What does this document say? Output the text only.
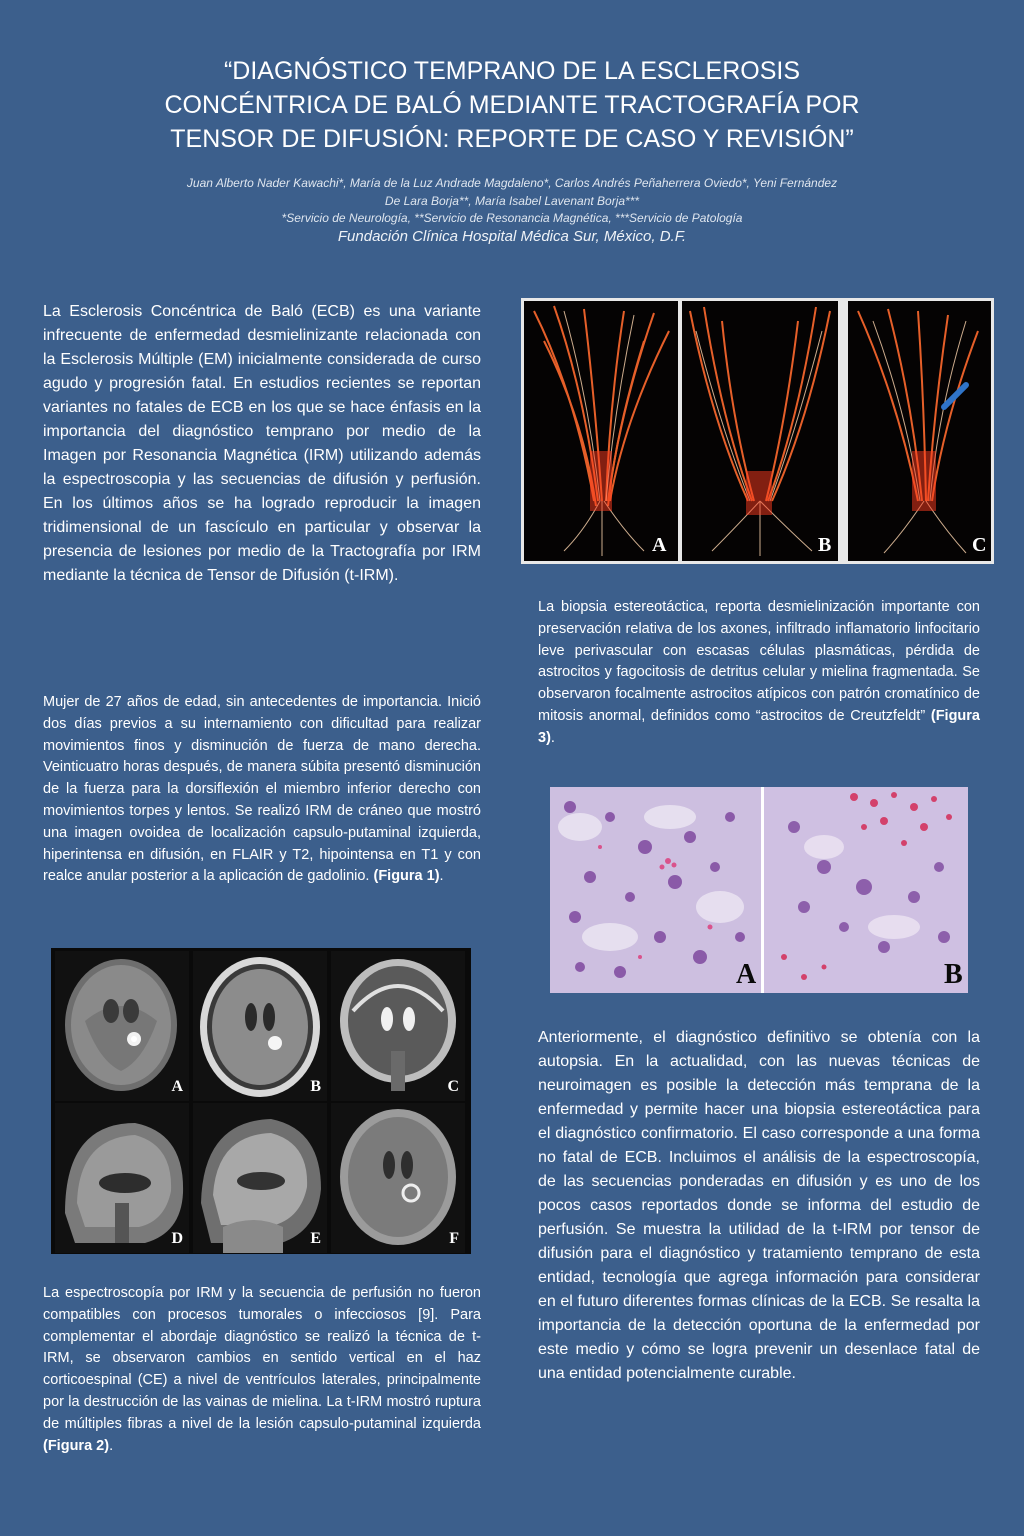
“DIAGNÓSTICO TEMPRANO DE LA ESCLEROSIS
CONCÉNTRICA DE BALÓ MEDIANTE TRACTOGRAFÍA POR
TENSOR DE DIFUSIÓN: REPORTE DE CASO Y REVISIÓN”
Juan Alberto Nader Kawachi*, María de la Luz Andrade Magdaleno*, Carlos Andrés Peñaherrera Oviedo*, Yeni Fernández
De Lara Borja**, María Isabel Lavenant Borja***
*Servicio de Neurología, **Servicio de Resonancia Magnética, ***Servicio de Patología
Fundación Clínica Hospital Médica Sur, México, D.F.

La Esclerosis Concéntrica de Baló (ECB) es una variante infrecuente de enfermedad desmielinizante relacionada con la Esclerosis Múltiple (EM) inicialmente considerada de curso agudo y progresión fatal. En estudios recientes se reportan variantes no fatales de ECB en los que se hace énfasis en la importancia del diagnóstico temprano por medio de la Imagen por Resonancia Magnética (IRM) utilizando además la espectroscopia y las secuencias de difusión y perfusión. En los últimos años se ha logrado reproducir la imagen tridimensional de un fascículo en particular y observar la presencia de lesiones por medio de la Tractografía por IRM mediante la técnica de Tensor de Difusión (t-IRM).

Mujer de 27 años de edad, sin antecedentes de importancia. Inició dos días previos a su internamiento con dificultad para realizar movimientos finos y disminución de fuerza de mano derecha. Veinticuatro horas después, de manera súbita presentó disminución de la fuerza para la dorsiflexión el miembro inferior derecho con movimientos torpes y lentos. Se realizó IRM de cráneo que mostró una imagen ovoidea de localización capsulo-putaminal izquierda, hiperintensa en difusión, en FLAIR y T2, hipointensa en T1 y con realce anular posterior a la aplicación de gadolinio. (Figura 1).

A	B	C
D	E	F

La espectroscopía por IRM y la secuencia de perfusión no fueron compatibles con procesos tumorales o infecciosos [9]. Para complementar el abordaje diagnóstico se realizó la técnica de t-IRM, se observaron cambios en sentido vertical en el haz corticoespinal (CE) a nivel de ventrículos laterales, principalmente por la destrucción de las vainas de mielina. La t-IRM mostró ruptura de múltiples fibras a nivel de la lesión capsulo-putaminal izquierda (Figura 2).

A	B	C

La biopsia estereotáctica, reporta desmielinización importante con preservación relativa de los axones, infiltrado inflamatorio linfocitario leve perivascular con escasas células plasmáticas, pérdida de astrocitos y fagocitosis de detritus celular y mielina fragmentada. Se observaron focalmente astrocitos atípicos con patrón cromatínico de mitosis anormal, definidos como “astrocitos de Creutzfeldt” (Figura 3).

A	B

Anteriormente, el diagnóstico definitivo se obtenía con la autopsia. En la actualidad, con las nuevas técnicas de neuroimagen es posible la detección más temprana de la enfermedad y permite hacer una biopsia estereotáctica para el diagnóstico confirmatorio. El caso corresponde a una forma no fatal de ECB. Incluimos el análisis de la espectroscopía, de las secuencias ponderadas en difusión y es uno de los pocos casos reportados donde se informa del estudio de perfusión. Se muestra la utilidad de la t-IRM por tensor de difusión para el diagnóstico y tratamiento temprano de esta entidad, tecnología que agrega información para considerar en el futuro diferentes formas clínicas de la ECB. Se resalta la importancia de la detección oportuna de la enfermedad por este medio y cómo se logra prevenir un desenlace fatal de una entidad potencialmente curable.
